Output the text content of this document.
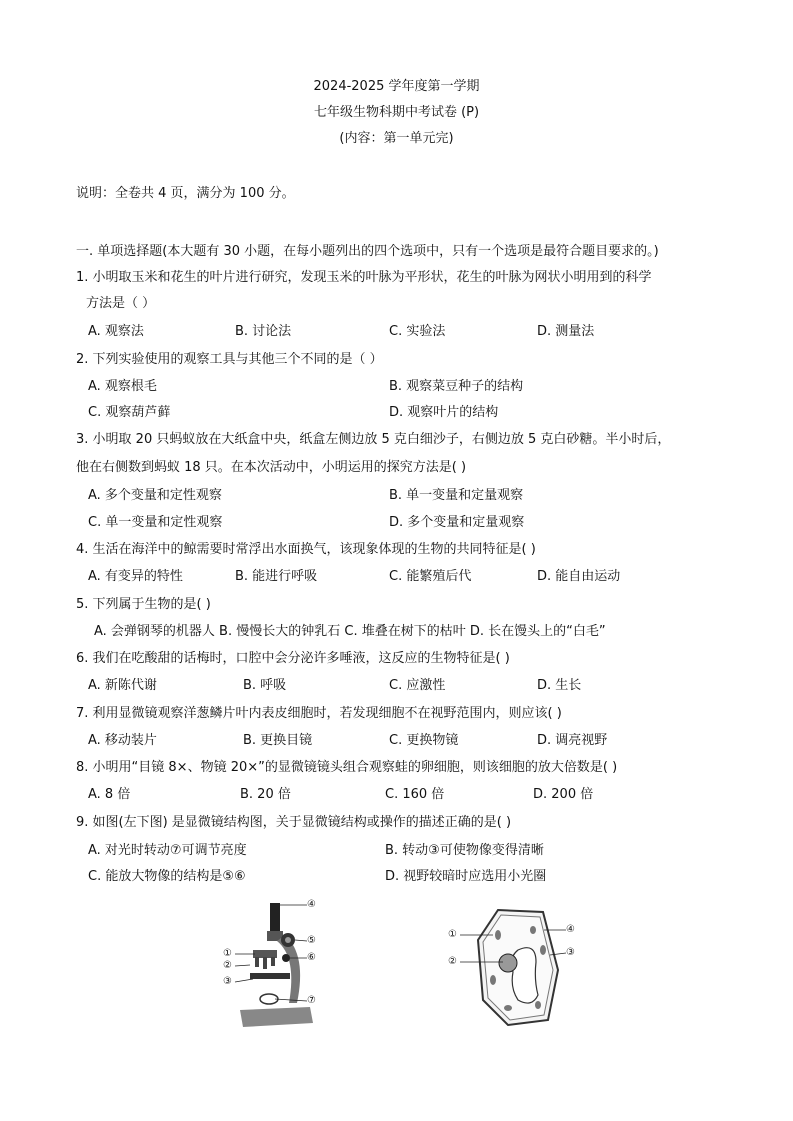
2024-2025 学年度第一学期
七年级生物科期中考试卷 (P)
(内容：第一单元完)
说明：全卷共 4 页，满分为 100 分。
一. 单项选择题(本大题有 30 小题，在每小题列出的四个选项中，只有一个选项是最符合题目要求的。)
1. 小明取玉米和花生的叶片进行研究，发现玉米的叶脉为平形状，花生的叶脉为网状小明用到的科学
方法是（ ）
A. 观察法	B. 讨论法	C. 实验法	D. 测量法
2. 下列实验使用的观察工具与其他三个不同的是（ ）
A. 观察根毛	B. 观察菜豆种子的结构
C. 观察葫芦藓	D. 观察叶片的结构
3. 小明取 20 只蚂蚁放在大纸盒中央，纸盒左侧边放 5 克白细沙子，右侧边放 5 克白砂糖。半小时后，
他在右侧数到蚂蚁 18 只。在本次活动中，小明运用的探究方法是( )
A. 多个变量和定性观察	B. 单一变量和定量观察
C. 单一变量和定性观察	D. 多个变量和定量观察
4. 生活在海洋中的鲸需要时常浮出水面换气，该现象体现的生物的共同特征是( )
A. 有变异的特性	B. 能进行呼吸	C. 能繁殖后代	D. 能自由运动
5. 下列属于生物的是( )
A. 会弹钢琴的机器人 B. 慢慢长大的钟乳石 C. 堆叠在树下的枯叶 D. 长在馒头上的“白毛”
6. 我们在吃酸甜的话梅时，口腔中会分泌许多唾液，这反应的生物特征是( )
A. 新陈代谢	B. 呼吸	C. 应激性	D. 生长
7. 利用显微镜观察洋葱鳞片叶内表皮细胞时，若发现细胞不在视野范围内，则应该( )
A. 移动装片	B. 更换目镜	C. 更换物镜	D. 调亮视野
8. 小明用“目镜 8×、物镜 20×”的显微镜镜头组合观察蛙的卵细胞，则该细胞的放大倍数是( )
A. 8 倍	B. 20 倍	C. 160 倍	D. 200 倍
9. 如图(左下图) 是显微镜结构图，关于显微镜结构或操作的描述正确的是( )
A. 对光时转动⑦可调节亮度	B. 转动③可使物像变得清晰
C. 能放大物像的结构是⑤⑥	D. 视野较暗时应选用小光圈
④
⑤
⑥
①
②
③
⑦
①
②
④
③
